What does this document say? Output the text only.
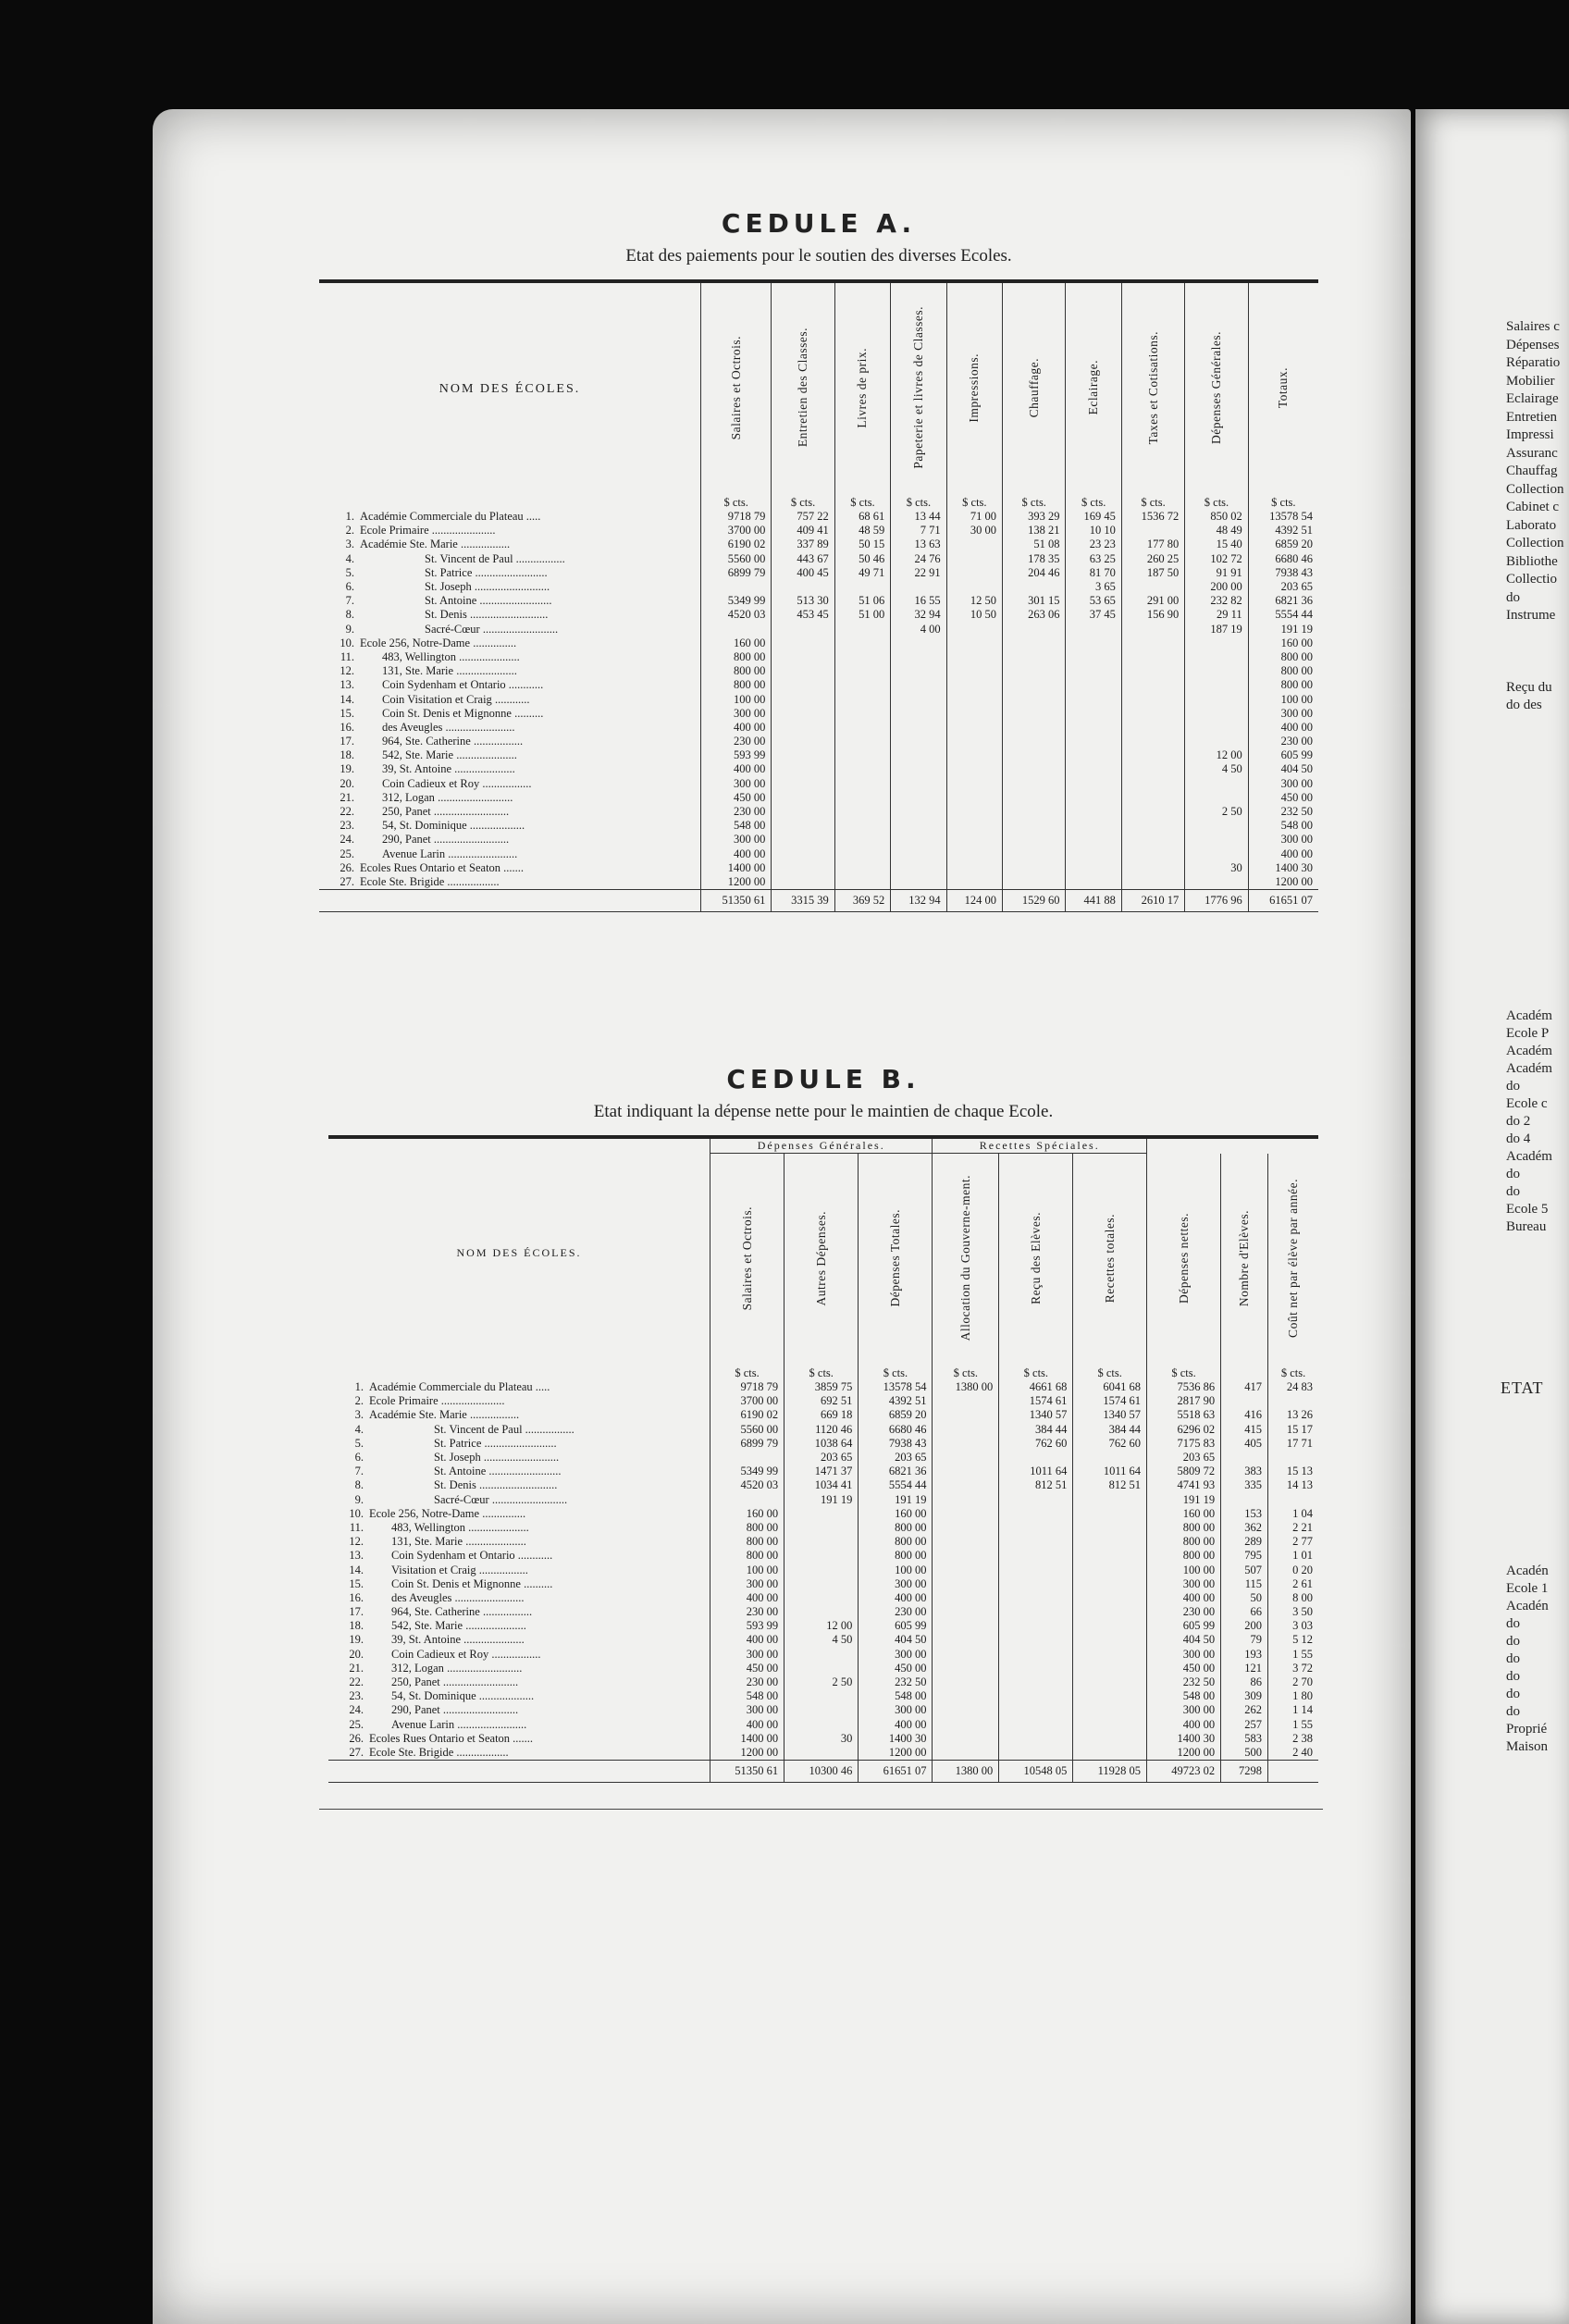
Salaires c
Dépenses
Réparatio
Mobilier
Eclairage
Entretien
Impressi
Assuranc
Chauffag
Collection
Cabinet c
Laborato
Collection
Bibliothe
Collectio
do
Instrume
Reçu du
do des
Académ
Ecole P
Académ
Académ
do
Ecole c
do 2
do 4
Académ
do
do
Ecole 5
Bureau
ETAT
Acadén
Ecole 1
Acadén
do
do
do
do
do
do
Proprié
Maison
CEDULE A.
Etat des paiements pour le soutien des diverses Ecoles.
NOM DES ÉCOLES.	Salaires et Octrois.	Entretien des Classes.	Livres de prix.	Papeterie et livres de Classes.	Impressions.	Chauffage.	Eclairage.	Taxes et Cotisations.	Dépenses Générales.	Totaux.
	$ cts.	$ cts.	$ cts.	$ cts.	$ cts.	$ cts.	$ cts.	$ cts.	$ cts.	$ cts.
1. Académie Commerciale du Plateau .....	9718 79	757 22	68 61	13 44	71 00	393 29	169 45	1536 72	850 02	13578 54
2. Ecole Primaire ......................	3700 00	409 41	48 59	7 71	30 00	138 21	10 10		48 49	4392 51
3. Académie Ste. Marie .................	6190 02	337 89	50 15	13 63		51 08	23 23	177 80	15 40	6859 20
4. St. Vincent de Paul .................	5560 00	443 67	50 46	24 76		178 35	63 25	260 25	102 72	6680 46
5. St. Patrice .........................	6899 79	400 45	49 71	22 91		204 46	81 70	187 50	91 91	7938 43
6. St. Joseph ..........................							3 65		200 00	203 65
7. St. Antoine .........................	5349 99	513 30	51 06	16 55	12 50	301 15	53 65	291 00	232 82	6821 36
8. St. Denis ...........................	4520 03	453 45	51 00	32 94	10 50	263 06	37 45	156 90	29 11	5554 44
9. Sacré-Cœur ..........................				4 00					187 19	191 19
10. Ecole 256, Notre-Dame ...............	160 00									160 00
11. 483, Wellington .....................	800 00									800 00
12. 131, Ste. Marie .....................	800 00									800 00
13. Coin Sydenham et Ontario ............	800 00									800 00
14. Coin Visitation et Craig ............	100 00									100 00
15. Coin St. Denis et Mignonne ..........	300 00									300 00
16. des Aveugles ........................	400 00									400 00
17. 964, Ste. Catherine .................	230 00									230 00
18. 542, Ste. Marie .....................	593 99								12 00	605 99
19. 39, St. Antoine .....................	400 00								4 50	404 50
20. Coin Cadieux et Roy .................	300 00									300 00
21. 312, Logan ..........................	450 00									450 00
22. 250, Panet ..........................	230 00								2 50	232 50
23. 54, St. Dominique ...................	548 00									548 00
24. 290, Panet ..........................	300 00									300 00
25. Avenue Larin ........................	400 00									400 00
26. Ecoles Rues Ontario et Seaton .......	1400 00								30	1400 30
27. Ecole Ste. Brigide ..................	1200 00									1200 00
	51350 61	3315 39	369 52	132 94	124 00	1529 60	441 88	2610 17	1776 96	61651 07
CEDULE B.
Etat indiquant la dépense nette pour le maintien de chaque Ecole.
NOM DES ÉCOLES.	Dépenses Générales.			Recettes Spéciales.					
	Salaires et Octrois.	Autres Dépenses.	Dépenses Totales.	Allocation du Gouverne-ment.	Reçu des Elèves.	Recettes totales.	Dépenses nettes.	Nombre d'Elèves.	Coût net par élève par année.
	$ cts.	$ cts.	$ cts.	$ cts.	$ cts.	$ cts.	$ cts.		$ cts.
1. Académie Commerciale du Plateau .....	9718 79	3859 75	13578 54	1380 00	4661 68	6041 68	7536 86	417	24 83
2. Ecole Primaire ......................	3700 00	692 51	4392 51		1574 61	1574 61	2817 90		
3. Académie Ste. Marie .................	6190 02	669 18	6859 20		1340 57	1340 57	5518 63	416	13 26
4. St. Vincent de Paul .................	5560 00	1120 46	6680 46		384 44	384 44	6296 02	415	15 17
5. St. Patrice .........................	6899 79	1038 64	7938 43		762 60	762 60	7175 83	405	17 71
6. St. Joseph ..........................		203 65	203 65				203 65		
7. St. Antoine .........................	5349 99	1471 37	6821 36		1011 64	1011 64	5809 72	383	15 13
8. St. Denis ...........................	4520 03	1034 41	5554 44		812 51	812 51	4741 93	335	14 13
9. Sacré-Cœur ..........................		191 19	191 19				191 19		
10. Ecole 256, Notre-Dame ...............	160 00		160 00				160 00	153	1 04
11. 483, Wellington .....................	800 00		800 00				800 00	362	2 21
12. 131, Ste. Marie .....................	800 00		800 00				800 00	289	2 77
13. Coin Sydenham et Ontario ............	800 00		800 00				800 00	795	1 01
14. Visitation et Craig .................	100 00		100 00				100 00	507	0 20
15. Coin St. Denis et Mignonne ..........	300 00		300 00				300 00	115	2 61
16. des Aveugles ........................	400 00		400 00				400 00	50	8 00
17. 964, Ste. Catherine .................	230 00		230 00				230 00	66	3 50
18. 542, Ste. Marie .....................	593 99	12 00	605 99				605 99	200	3 03
19. 39, St. Antoine .....................	400 00	4 50	404 50				404 50	79	5 12
20. Coin Cadieux et Roy .................	300 00		300 00				300 00	193	1 55
21. 312, Logan ..........................	450 00		450 00				450 00	121	3 72
22. 250, Panet ..........................	230 00	2 50	232 50				232 50	86	2 70
23. 54, St. Dominique ...................	548 00		548 00				548 00	309	1 80
24. 290, Panet ..........................	300 00		300 00				300 00	262	1 14
25. Avenue Larin ........................	400 00		400 00				400 00	257	1 55
26. Ecoles Rues Ontario et Seaton .......	1400 00	30	1400 30				1400 30	583	2 38
27. Ecole Ste. Brigide ..................	1200 00		1200 00				1200 00	500	2 40
	51350 61	10300 46	61651 07	1380 00	10548 05	11928 05	49723 02	7298	
